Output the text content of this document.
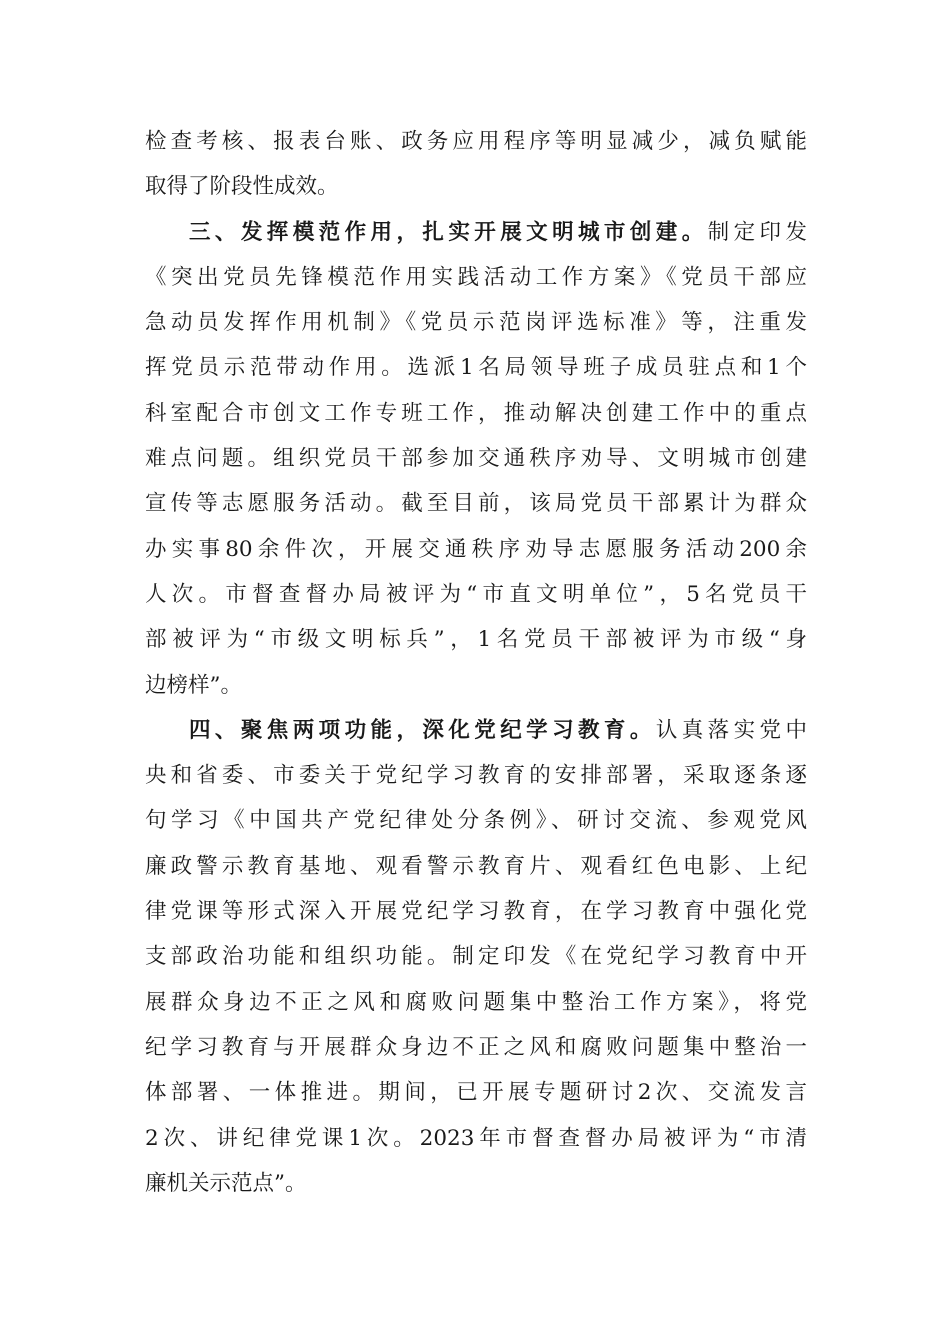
检查考核、报表台账、政务应用程序等明显减少，减负赋能
取得了阶段性成效。
三、发挥模范作用，扎实开展文明城市创建。制定印发
《突出党员先锋模范作用实践活动工作方案》《党员干部应
急动员发挥作用机制》《党员示范岗评选标准》等，注重发
挥党员示范带动作用。选派1名局领导班子成员驻点和1个
科室配合市创文工作专班工作，推动解决创建工作中的重点
难点问题。组织党员干部参加交通秩序劝导、文明城市创建
宣传等志愿服务活动。截至目前，该局党员干部累计为群众
办实事80余件次，开展交通秩序劝导志愿服务活动200余
人次。市督查督办局被评为“市直文明单位”，5名党员干
部被评为“市级文明标兵”，1名党员干部被评为市级“身
边榜样”。
四、聚焦两项功能，深化党纪学习教育。认真落实党中
央和省委、市委关于党纪学习教育的安排部署，采取逐条逐
句学习《中国共产党纪律处分条例》、研讨交流、参观党风
廉政警示教育基地、观看警示教育片、观看红色电影、上纪
律党课等形式深入开展党纪学习教育，在学习教育中强化党
支部政治功能和组织功能。制定印发《在党纪学习教育中开
展群众身边不正之风和腐败问题集中整治工作方案》，将党
纪学习教育与开展群众身边不正之风和腐败问题集中整治一
体部署、一体推进。期间，已开展专题研讨2次、交流发言
2次、讲纪律党课1次。2023年市督查督办局被评为“市清
廉机关示范点”。
